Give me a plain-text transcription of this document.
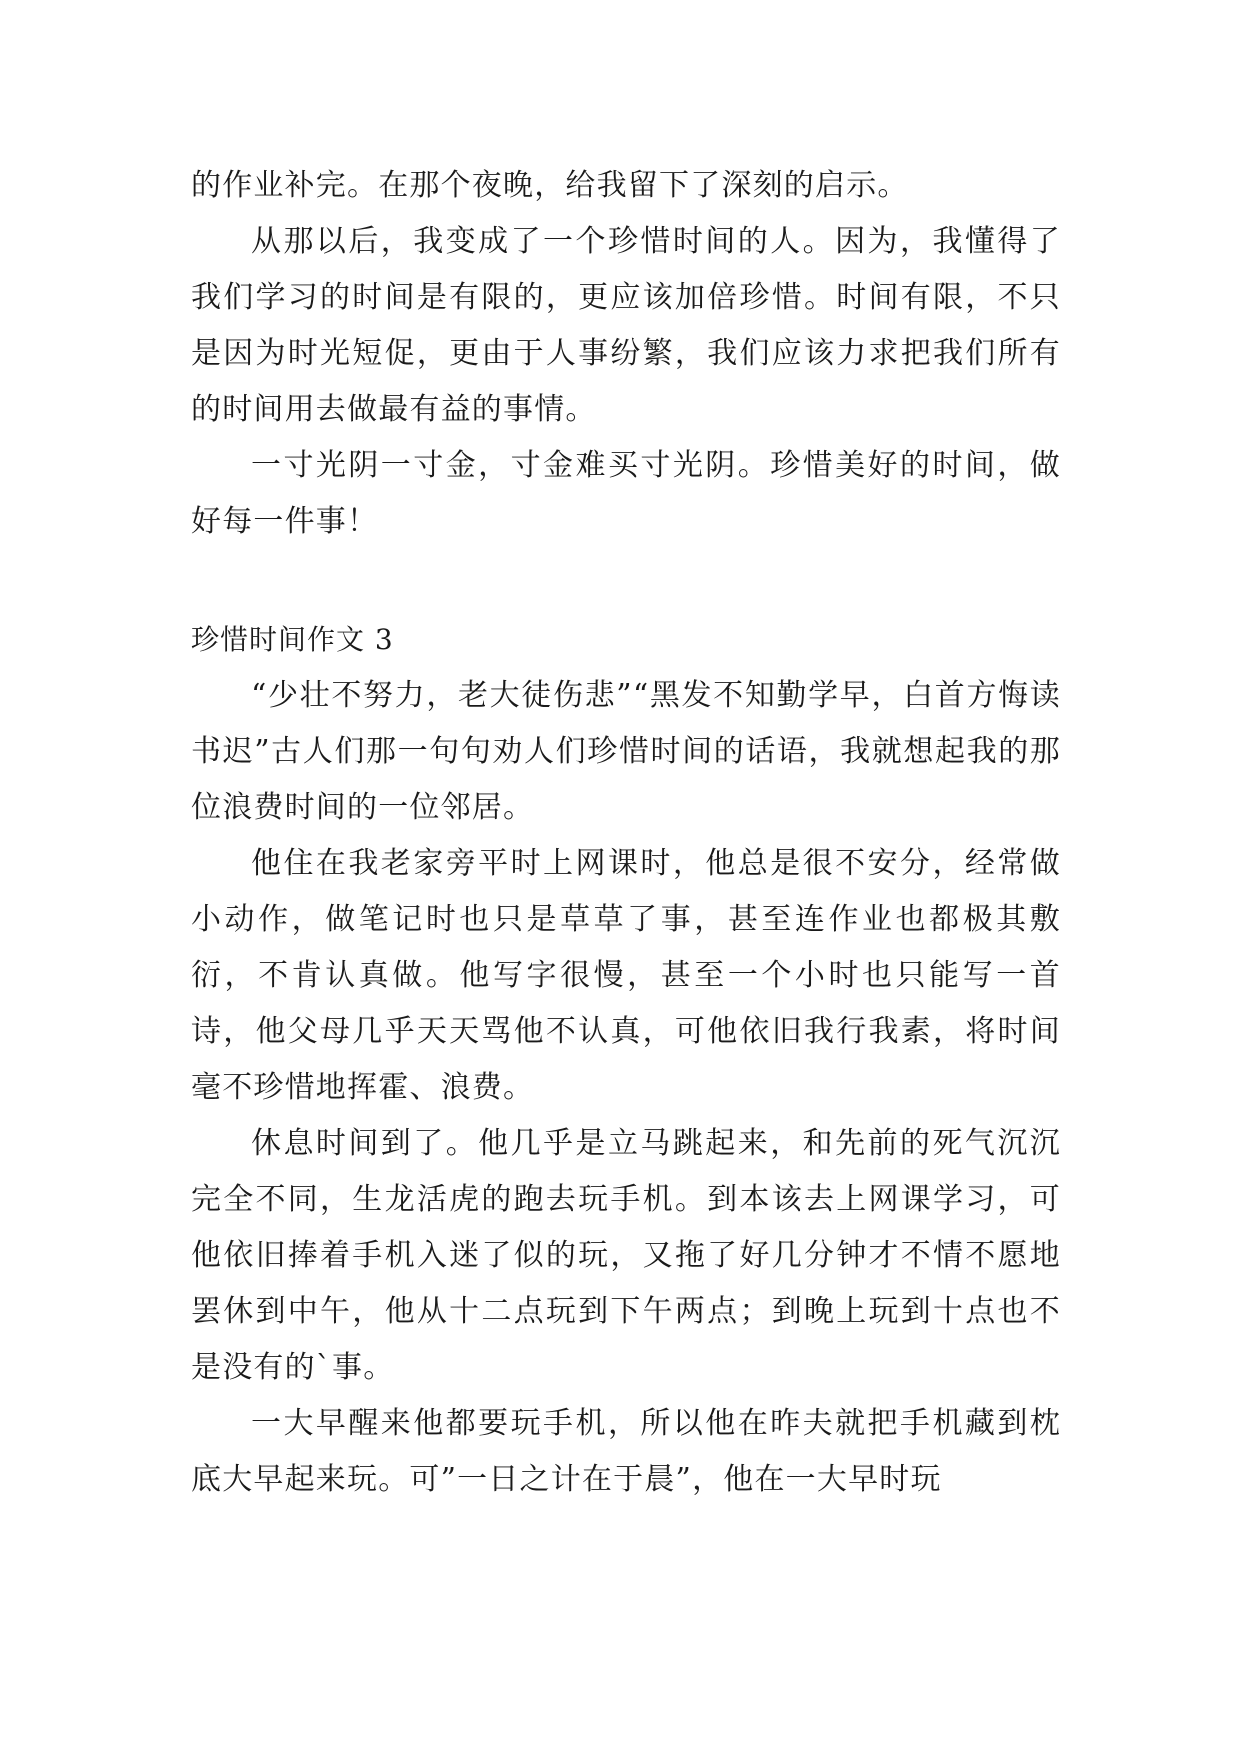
的作业补完。在那个夜晚，给我留下了深刻的启示。

从那以后，我变成了一个珍惜时间的人。因为，我懂得了我们学习的时间是有限的，更应该加倍珍惜。时间有限，不只是因为时光短促，更由于人事纷繁，我们应该力求把我们所有的时间用去做最有益的事情。

一寸光阴一寸金，寸金难买寸光阴。珍惜美好的时间，做好每一件事！

珍惜时间作文 3

“少壮不努力，老大徒伤悲”“黑发不知勤学早，白首方悔读书迟”古人们那一句句劝人们珍惜时间的话语，我就想起我的那位浪费时间的一位邻居。

他住在我老家旁平时上网课时，他总是很不安分，经常做小动作，做笔记时也只是草草了事，甚至连作业也都极其敷衍，不肯认真做。他写字很慢，甚至一个小时也只能写一首诗，他父母几乎天天骂他不认真，可他依旧我行我素，将时间毫不珍惜地挥霍、浪费。

休息时间到了。他几乎是立马跳起来，和先前的死气沉沉完全不同，生龙活虎的跑去玩手机。到本该去上网课学习，可他依旧捧着手机入迷了似的玩，又拖了好几分钟才不情不愿地罢休到中午，他从十二点玩到下午两点；到晚上玩到十点也不是没有的`事。

一大早醒来他都要玩手机，所以他在昨夫就把手机藏到枕底大早起来玩。可”一日之计在于晨”，他在一大早时玩
